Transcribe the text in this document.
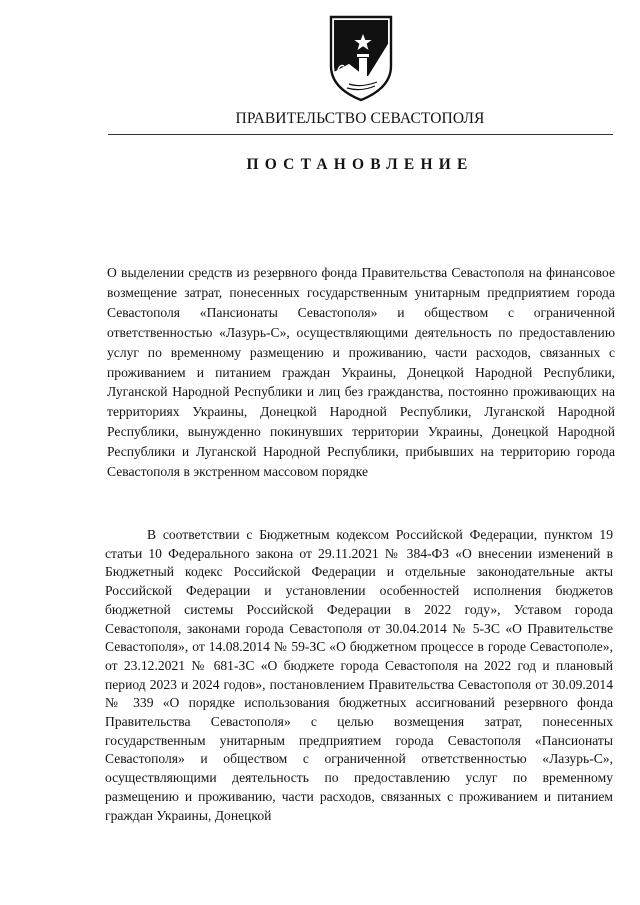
ПРАВИТЕЛЬСТВО СЕВАСТОПОЛЯ
ПОСТАНОВЛЕНИЕ
О выделении средств из резервного фонда Правительства Севастополя на финансовое возмещение затрат, понесенных государственным унитарным предприятием города Севастополя «Пансионаты Севастополя» и обществом с ограниченной ответственностью «Лазурь-С», осуществляющими деятельность по предоставлению услуг по временному размещению и проживанию, части расходов, связанных с проживанием и питанием граждан Украины, Донецкой Народной Республики, Луганской Народной Республики и лиц без гражданства, постоянно проживающих на территориях Украины, Донецкой Народной Республики, Луганской Народной Республики, вынужденно покинувших территории Украины, Донецкой Народной Республики и Луганской Народной Республики, прибывших на территорию города Севастополя в экстренном массовом порядке
В соответствии с Бюджетным кодексом Российской Федерации, пунктом 19 статьи 10 Федерального закона от 29.11.2021 № 384-ФЗ «О внесении изменений в Бюджетный кодекс Российской Федерации и отдельные законодательные акты Российской Федерации и установлении особенностей исполнения бюджетов бюджетной системы Российской Федерации в 2022 году», Уставом города Севастополя, законами города Севастополя от 30.04.2014 № 5-ЗС «О Правительстве Севастополя», от 14.08.2014 № 59-ЗС «О бюджетном процессе в городе Севастополе», от 23.12.2021 № 681-ЗС «О бюджете города Севастополя на 2022 год и плановый период 2023 и 2024 годов», постановлением Правительства Севастополя от 30.09.2014 № 339 «О порядке использования бюджетных ассигнований резервного фонда Правительства Севастополя» с целью возмещения затрат, понесенных государственным унитарным предприятием города Севастополя «Пансионаты Севастополя» и обществом с ограниченной ответственностью «Лазурь-С», осуществляющими деятельность по предоставлению услуг по временному размещению и проживанию, части расходов, связанных с проживанием и питанием граждан Украины, Донецкой
